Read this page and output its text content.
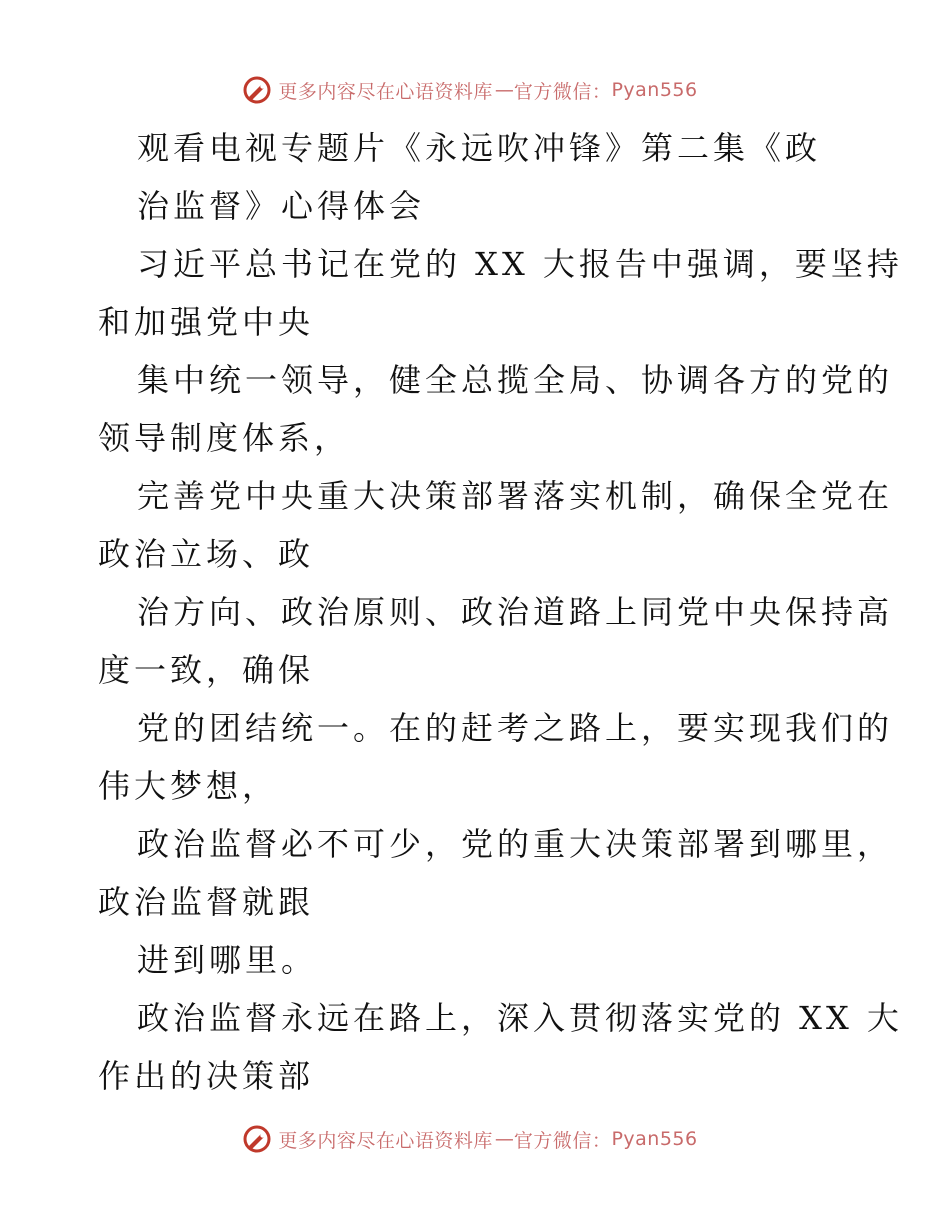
更多内容尽在心语资料库 — 官方微信： Pyan556
观看电视专题片《永远吹冲锋》第二集《政
治监督》心得体会
习近平总书记在党的 XX 大报告中强调，要坚持
和加强党中央
集中统一领导，健全总揽全局、协调各方的党的
领导制度体系，
完善党中央重大决策部署落实机制，确保全党在
政治立场、政
治方向、政治原则、政治道路上同党中央保持高
度一致，确保
党的团结统一。在的赶考之路上，要实现我们的
伟大梦想，
政治监督必不可少，党的重大决策部署到哪里，
政治监督就跟
进到哪里。
政治监督永远在路上，深入贯彻落实党的 XX 大
作出的决策部
更多内容尽在心语资料库 — 官方微信： Pyan556
